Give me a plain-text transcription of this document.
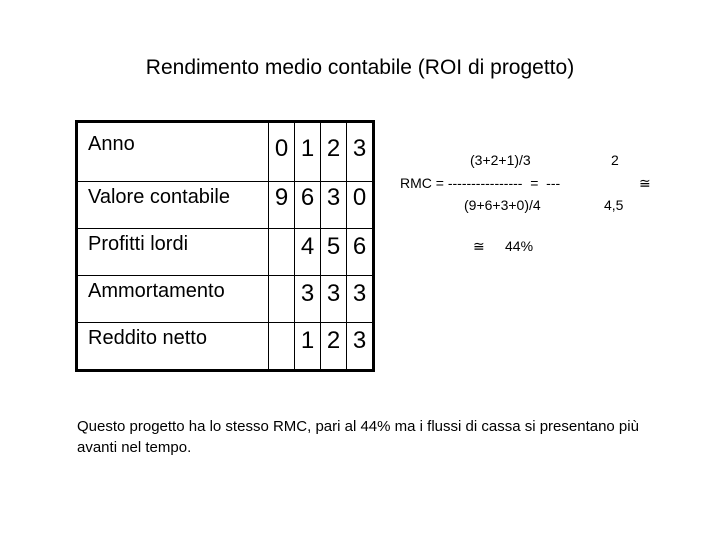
Rendimento medio contabile (ROI di progetto)
Anno	0	1	2	3
Valore contabile	9	6	3	0
Profitti lordi		4	5	6
Ammortamento		3	3	3
Reddito netto		1	2	3
(3+2+1)/3	2
RMC = ----------------  =  ---	≅
(9+6+3+0)/4	4,5
≅ 44%
Questo progetto ha lo stesso RMC, pari al 44% ma i flussi di cassa si presentano più avanti nel tempo.
